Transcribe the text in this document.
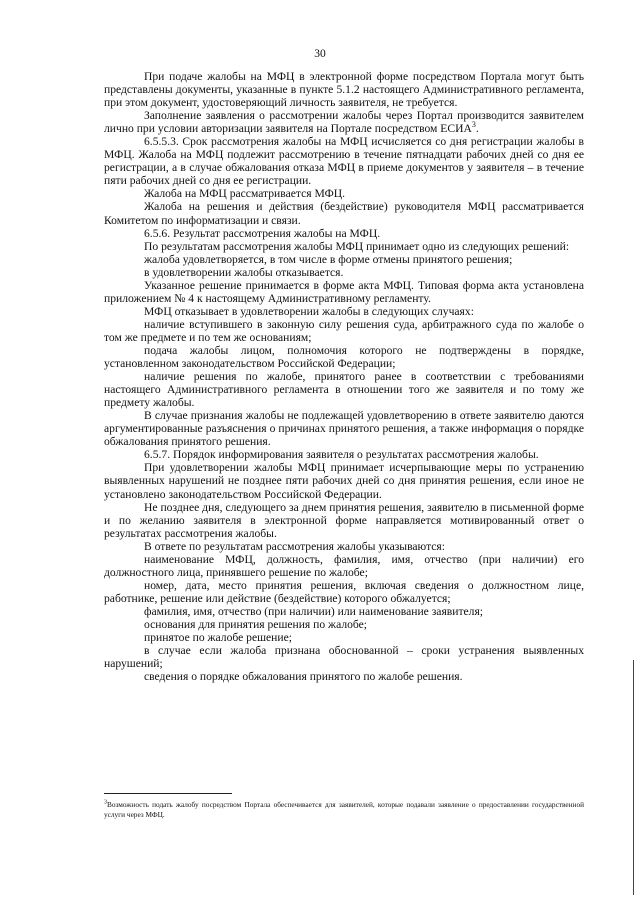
30

При подаче жалобы на МФЦ в электронной форме посредством Портала могут быть представлены документы, указанные в пункте 5.1.2 настоящего Административного регламента, при этом документ, удостоверяющий личность заявителя, не требуется.

Заполнение заявления о рассмотрении жалобы через Портал производится заявителем лично при условии авторизации заявителя на Портале посредством ЕСИА$^3$.

6.5.5.3. Срок рассмотрения жалобы на МФЦ исчисляется со дня регистрации жалобы в МФЦ. Жалоба на МФЦ подлежит рассмотрению в течение пятнадцати рабочих дней со дня ее регистрации, а в случае обжалования отказа МФЦ в приеме документов у заявителя – в течение пяти рабочих дней со дня ее регистрации.

Жалоба на МФЦ рассматривается МФЦ.

Жалоба на решения и действия (бездействие) руководителя МФЦ рассматривается Комитетом по информатизации и связи.

6.5.6. Результат рассмотрения жалобы на МФЦ.

По результатам рассмотрения жалобы МФЦ принимает одно из следующих решений:

жалоба удовлетворяется, в том числе в форме отмены принятого решения;

в удовлетворении жалобы отказывается.

Указанное решение принимается в форме акта МФЦ. Типовая форма акта установлена приложением № 4 к настоящему Административному регламенту.

МФЦ отказывает в удовлетворении жалобы в следующих случаях:

наличие вступившего в законную силу решения суда, арбитражного суда по жалобе о том же предмете и по тем же основаниям;

подача жалобы лицом, полномочия которого не подтверждены в порядке, установленном законодательством Российской Федерации;

наличие решения по жалобе, принятого ранее в соответствии с требованиями настоящего Административного регламента в отношении того же заявителя и по тому же предмету жалобы.

В случае признания жалобы не подлежащей удовлетворению в ответе заявителю даются аргументированные разъяснения о причинах принятого решения, а также информация о порядке обжалования принятого решения.

6.5.7. Порядок информирования заявителя о результатах рассмотрения жалобы.

При удовлетворении жалобы МФЦ принимает исчерпывающие меры по устранению выявленных нарушений не позднее пяти рабочих дней со дня принятия решения, если иное не установлено законодательством Российской Федерации.

Не позднее дня, следующего за днем принятия решения, заявителю в письменной форме и по желанию заявителя в электронной форме направляется мотивированный ответ о результатах рассмотрения жалобы.

В ответе по результатам рассмотрения жалобы указываются:

наименование МФЦ, должность, фамилия, имя, отчество (при наличии) его должностного лица, принявшего решение по жалобе;

номер, дата, место принятия решения, включая сведения о должностном лице, работнике, решение или действие (бездействие) которого обжалуется;

фамилия, имя, отчество (при наличии) или наименование заявителя;

основания для принятия решения по жалобе;

принятое по жалобе решение;

в случае если жалоба признана обоснованной – сроки устранения выявленных нарушений;

сведения о порядке обжалования принятого по жалобе решения.

$^3$Возможность подать жалобу посредством Портала обеспечивается для заявителей, которые подавали заявление о предоставлении государственной услуги через МФЦ.
